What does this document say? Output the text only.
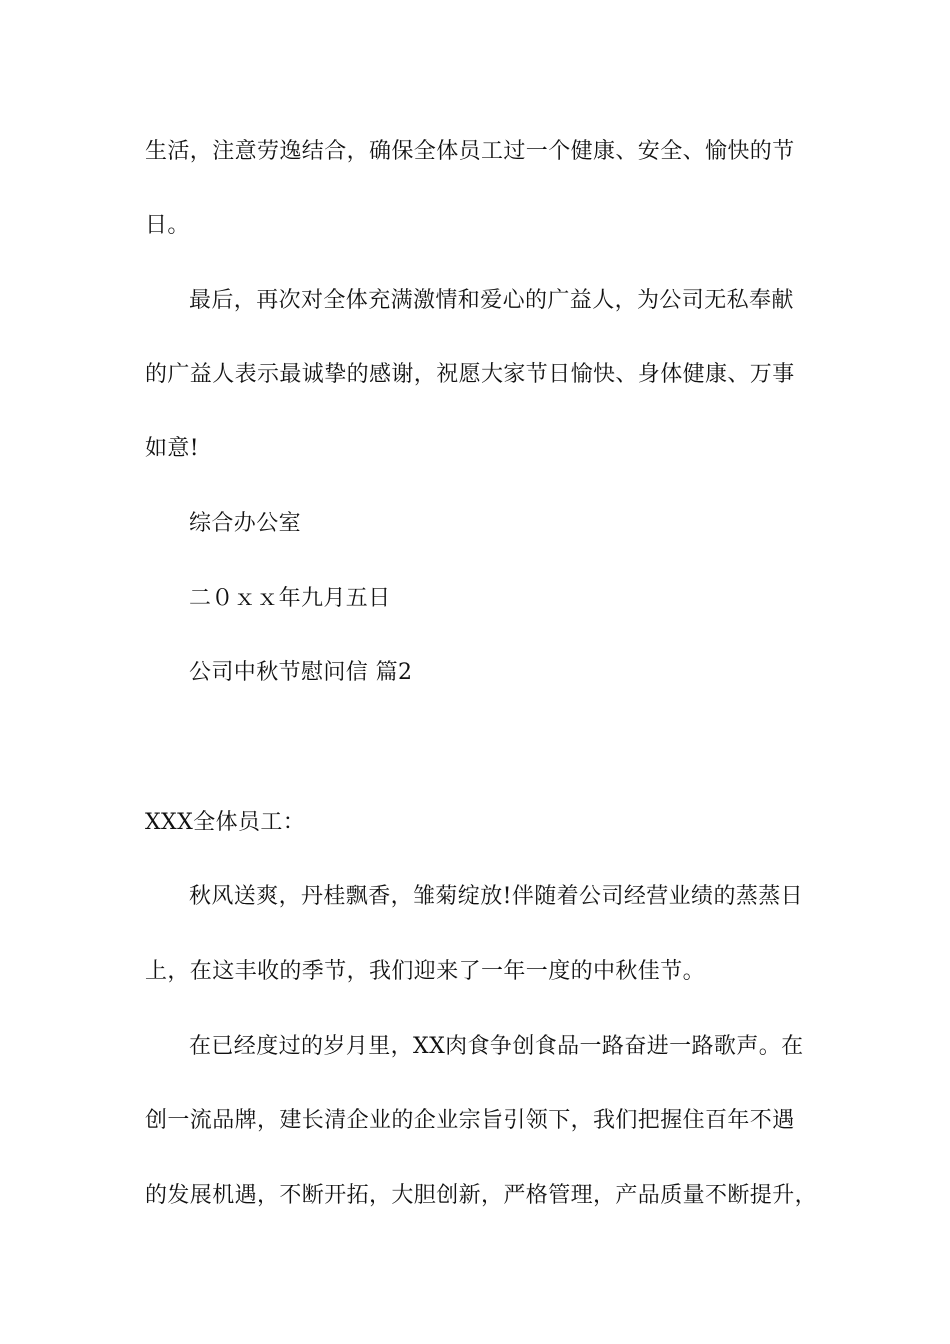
生活，注意劳逸结合，确保全体员工过一个健康、安全、愉快的节
日。
最后，再次对全体充满激情和爱心的广益人，为公司无私奉献
的广益人表示最诚挚的感谢，祝愿大家节日愉快、身体健康、万事
如意!
综合办公室
二０ｘｘ年九月五日
公司中秋节慰问信 篇2
XXX全体员工：
秋风送爽，丹桂飘香，雏菊绽放!伴随着公司经营业绩的蒸蒸日
上，在这丰收的季节，我们迎来了一年一度的中秋佳节。
在已经度过的岁月里，XX肉食争创食品一路奋进一路歌声。在
创一流品牌，建长清企业的企业宗旨引领下，我们把握住百年不遇
的发展机遇，不断开拓，大胆创新，严格管理，产品质量不断提升，
